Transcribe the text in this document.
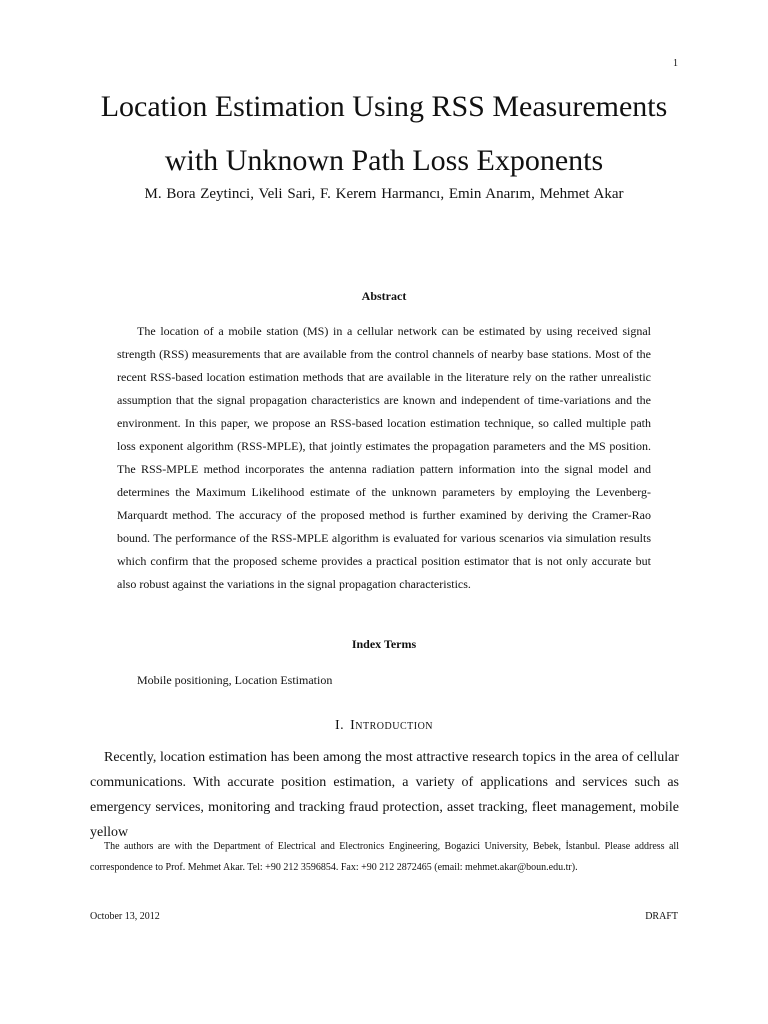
1
Location Estimation Using RSS Measurements
with Unknown Path Loss Exponents
M. Bora Zeytinci, Veli Sari, F. Kerem Harmancı, Emin Anarım, Mehmet Akar
Abstract
The location of a mobile station (MS) in a cellular network can be estimated by using received signal strength (RSS) measurements that are available from the control channels of nearby base stations. Most of the recent RSS-based location estimation methods that are available in the literature rely on the rather unrealistic assumption that the signal propagation characteristics are known and independent of time-variations and the environment. In this paper, we propose an RSS-based location estimation technique, so called multiple path loss exponent algorithm (RSS-MPLE), that jointly estimates the propagation parameters and the MS position. The RSS-MPLE method incorporates the antenna radiation pattern information into the signal model and determines the Maximum Likelihood estimate of the unknown parameters by employing the Levenberg-Marquardt method. The accuracy of the proposed method is further examined by deriving the Cramer-Rao bound. The performance of the RSS-MPLE algorithm is evaluated for various scenarios via simulation results which confirm that the proposed scheme provides a practical position estimator that is not only accurate but also robust against the variations in the signal propagation characteristics.
Index Terms
Mobile positioning, Location Estimation
I. Introduction
Recently, location estimation has been among the most attractive research topics in the area of cellular communications. With accurate position estimation, a variety of applications and services such as emergency services, monitoring and tracking fraud protection, asset tracking, fleet management, mobile yellow
The authors are with the Department of Electrical and Electronics Engineering, Bogazici University, Bebek, İstanbul. Please address all correspondence to Prof. Mehmet Akar. Tel: +90 212 3596854. Fax: +90 212 2872465 (email: mehmet.akar@boun.edu.tr).
October 13, 2012	DRAFT
